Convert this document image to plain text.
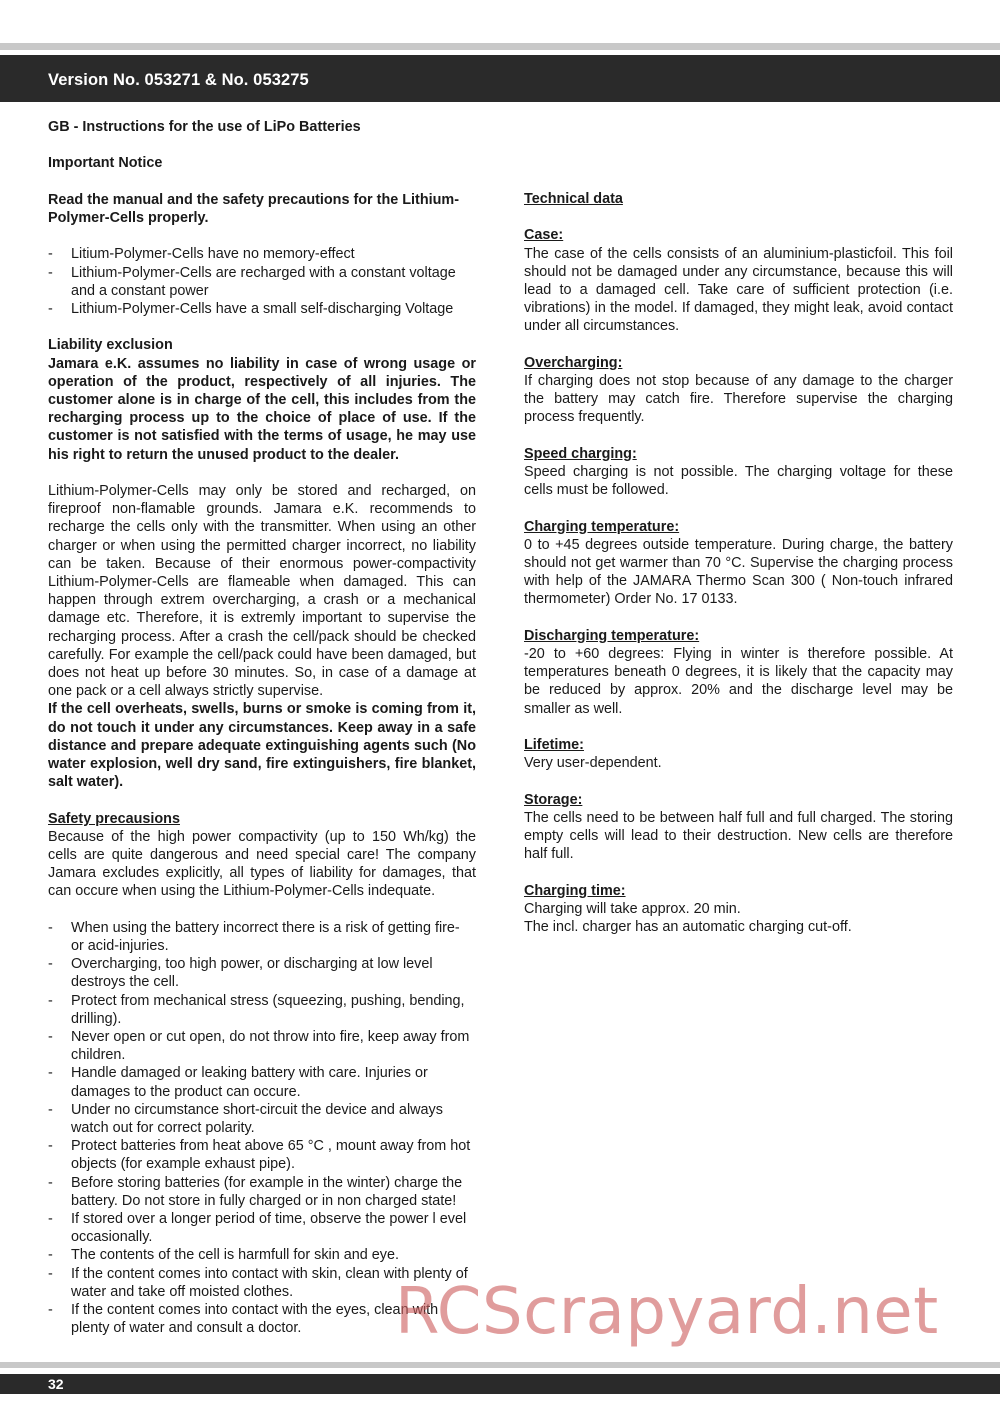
Version No. 053271 & No. 053275

GB - Instructions for the use of LiPo Batteries

Important Notice

Read the manual and the safety precautions for the Lithium-Polymer-Cells properly.

- Litium-Polymer-Cells have no memory-effect
- Lithium-Polymer-Cells are recharged with a constant voltage and a constant power
- Lithium-Polymer-Cells have a small self-discharging Voltage

Liability exclusion

Jamara e.K. assumes no liability in case of wrong usage or operation of the product, respectively of all injuries. The customer alone is in charge of the cell, this includes from the recharging process up to the choice of place of use. If the customer is not satisfied with the terms of usage, he may use his right to return the unused product to the dealer.

Lithium-Polymer-Cells may only be stored and recharged, on fireproof non-flamable grounds. Jamara e.K. recommends to recharge the cells only with the transmitter. When using an other charger or when using the permitted charger incorrect, no liability can be taken. Because of their enormous power-compactivity Lithium-Polymer-Cells are flameable when damaged. This can happen through extrem overcharging, a crash or a mechanical damage etc. Therefore, it is extremly important to supervise the recharging process. After a crash the cell/pack should be checked carefully. For example the cell/pack could have been damaged, but does not heat up before 30 minutes. So, in case of a damage at one pack or a cell always strictly supervise.

If the cell overheats, swells, burns or smoke is coming from it, do not touch it under any circumstances. Keep away in a safe distance and prepare adequate extinguishing agents such (No water explosion, well dry sand, fire extinguishers, fire blanket, salt water).

Safety precausions

Because of the high power compactivity (up to 150 Wh/kg) the cells are quite dangerous and need special care! The company Jamara excludes explicitly, all types of liability for damages, that can occure when using the Lithium-Polymer-Cells indequate.

- When using the battery incorrect there is a risk of getting fire- or acid-injuries.
- Overcharging, too high power, or discharging at low level destroys the cell.
- Protect from mechanical stress (squeezing, pushing, bending, drilling).
- Never open or cut open, do not throw into fire, keep away from children.
- Handle damaged or leaking battery with care. Injuries or damages to the product can occure.
- Under no circumstance short-circuit the device and always watch out for correct polarity.
- Protect batteries from heat above 65 °C , mount away from hot objects (for example exhaust pipe).
- Before storing batteries (for example in the winter) charge the battery. Do not store in fully charged or in non charged state!
- If stored over a longer period of time, observe the power l evel occasionally.
- The contents of the cell is harmfull for skin and eye.
- If the content comes into contact with skin, clean with plenty of water and take off moisted clothes.
- If the content comes into contact with the eyes, clean with plenty of water and consult a doctor.

Technical data

Case:

The case of the cells consists of an aluminium-plasticfoil. This foil should not be damaged under any circumstance, because this will lead to a damaged cell. Take care of sufficient protection (i.e. vibrations) in the model. If damaged, they might leak, avoid contact under all circumstances.

Overcharging:

If charging does not stop because of any damage to the charger the battery may catch fire. Therefore supervise the charging process frequently.

Speed charging:

Speed charging is not possible. The charging voltage for these cells must be followed.

Charging temperature:

0 to +45 degrees outside temperature. During charge, the battery should not get warmer than 70 °C. Supervise the charging process with help of the JAMARA Thermo Scan 300 ( Non-touch infrared thermometer) Order No. 17 0133.

Discharging temperature:

-20 to +60 degrees: Flying in winter is therefore possible. At temperatures beneath 0 degrees, it is likely that the capacity may be reduced by approx. 20% and the discharge level may be smaller as well.

Lifetime:

Very user-dependent.

Storage:

The cells need to be between half full and full charged. The storing empty cells will lead to their destruction. New cells are therefore half full.

Charging time:

Charging will take approx. 20 min.

The incl. charger has an automatic charging cut-off.

RCScrapyard.net
32
